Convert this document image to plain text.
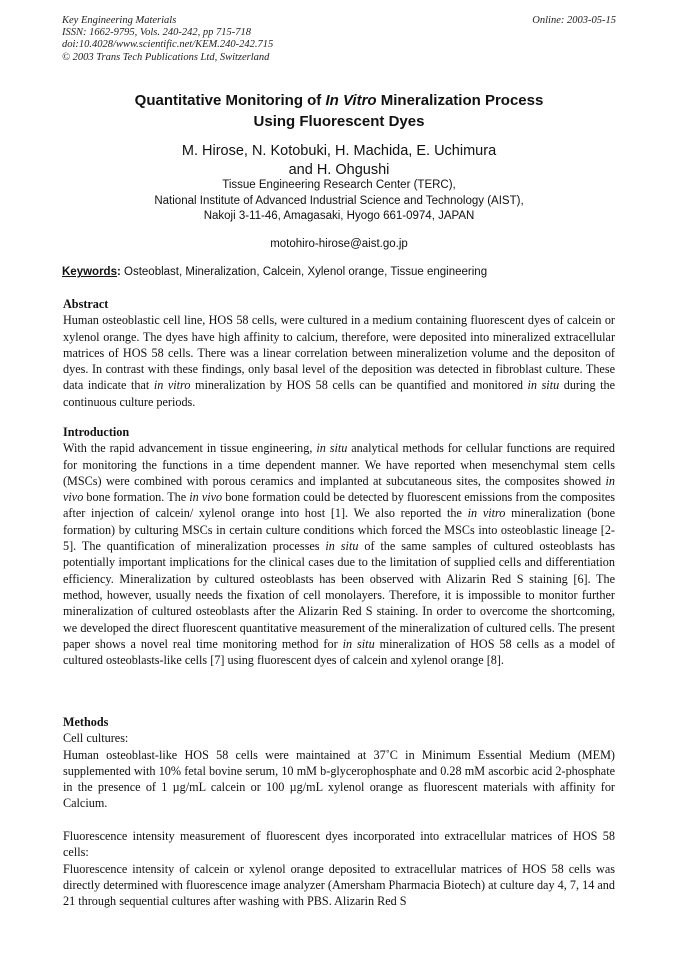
Key Engineering Materials
ISSN: 1662-9795, Vols. 240-242, pp 715-718
doi:10.4028/www.scientific.net/KEM.240-242.715
© 2003 Trans Tech Publications Ltd, Switzerland
Online: 2003-05-15
Quantitative Monitoring of In Vitro Mineralization Process
Using Fluorescent Dyes
M. Hirose, N. Kotobuki, H. Machida, E. Uchimura
and H. Ohgushi
Tissue Engineering Research Center (TERC),
National Institute of Advanced Industrial Science and Technology (AIST),
Nakoji 3-11-46, Amagasaki, Hyogo 661-0974, JAPAN
motohiro-hirose@aist.go.jp
Keywords: Osteoblast, Mineralization, Calcein, Xylenol orange, Tissue engineering
Abstract

Human osteoblastic cell line, HOS 58 cells, were cultured in a medium containing fluorescent dyes of calcein or xylenol orange. The dyes have high affinity to calcium, therefore, were deposited into mineralized extracellular matrices of HOS 58 cells. There was a linear correlation between mineralizetion volume and the depositon of dyes. In contrast with these findings, only basal level of the deposition was detected in fibroblast culture. These data indicate that in vitro mineralization by HOS 58 cells can be quantified and monitored in situ during the continuous culture periods.

Introduction

With the rapid advancement in tissue engineering, in situ analytical methods for cellular functions are required for monitoring the functions in a time dependent manner. We have reported when mesenchymal stem cells (MSCs) were combined with porous ceramics and implanted at subcutaneous sites, the composites showed in vivo bone formation. The in vivo bone formation could be detected by fluorescent emissions from the composites after injection of calcein/ xylenol orange into host [1]. We also reported the in vitro mineralization (bone formation) by culturing MSCs in certain culture conditions which forced the MSCs into osteoblastic lineage [2-5]. The quantification of mineralization processes in situ of the same samples of cultured osteoblasts has potentially important implications for the clinical cases due to the limitation of supplied cells and differentiation efficiency. Mineralization by cultured osteoblasts has been observed with Alizarin Red S staining [6]. The method, however, usually needs the fixation of cell monolayers. Therefore, it is impossible to monitor further mineralization of cultured osteoblasts after the Alizarin Red S staining. In order to overcome the shortcoming, we developed the direct fluorescent quantitative measurement of the mineralization of cultured cells. The present paper shows a novel real time monitoring method for in situ mineralization of HOS 58 cells as a model of cultured osteoblasts-like cells [7] using fluorescent dyes of calcein and xylenol orange [8].

Methods
Cell cultures:

Human osteoblast-like HOS 58 cells were maintained at 37˚C in Minimum Essential Medium (MEM) supplemented with 10% fetal bovine serum, 10 mM b-glycerophosphate and 0.28 mM ascorbic acid 2-phosphate in the presence of 1 µg/mL calcein or 100 µg/mL xylenol orange as fluorescent materials with affinity for Calcium.

Fluorescence intensity measurement of fluorescent dyes incorporated into extracellular matrices of HOS 58 cells:

Fluorescence intensity of calcein or xylenol orange deposited to extracellular matrices of HOS 58 cells was directly determined with fluorescence image analyzer (Amersham Pharmacia Biotech) at culture day 4, 7, 14 and 21 through sequential cultures after washing with PBS. Alizarin Red S
